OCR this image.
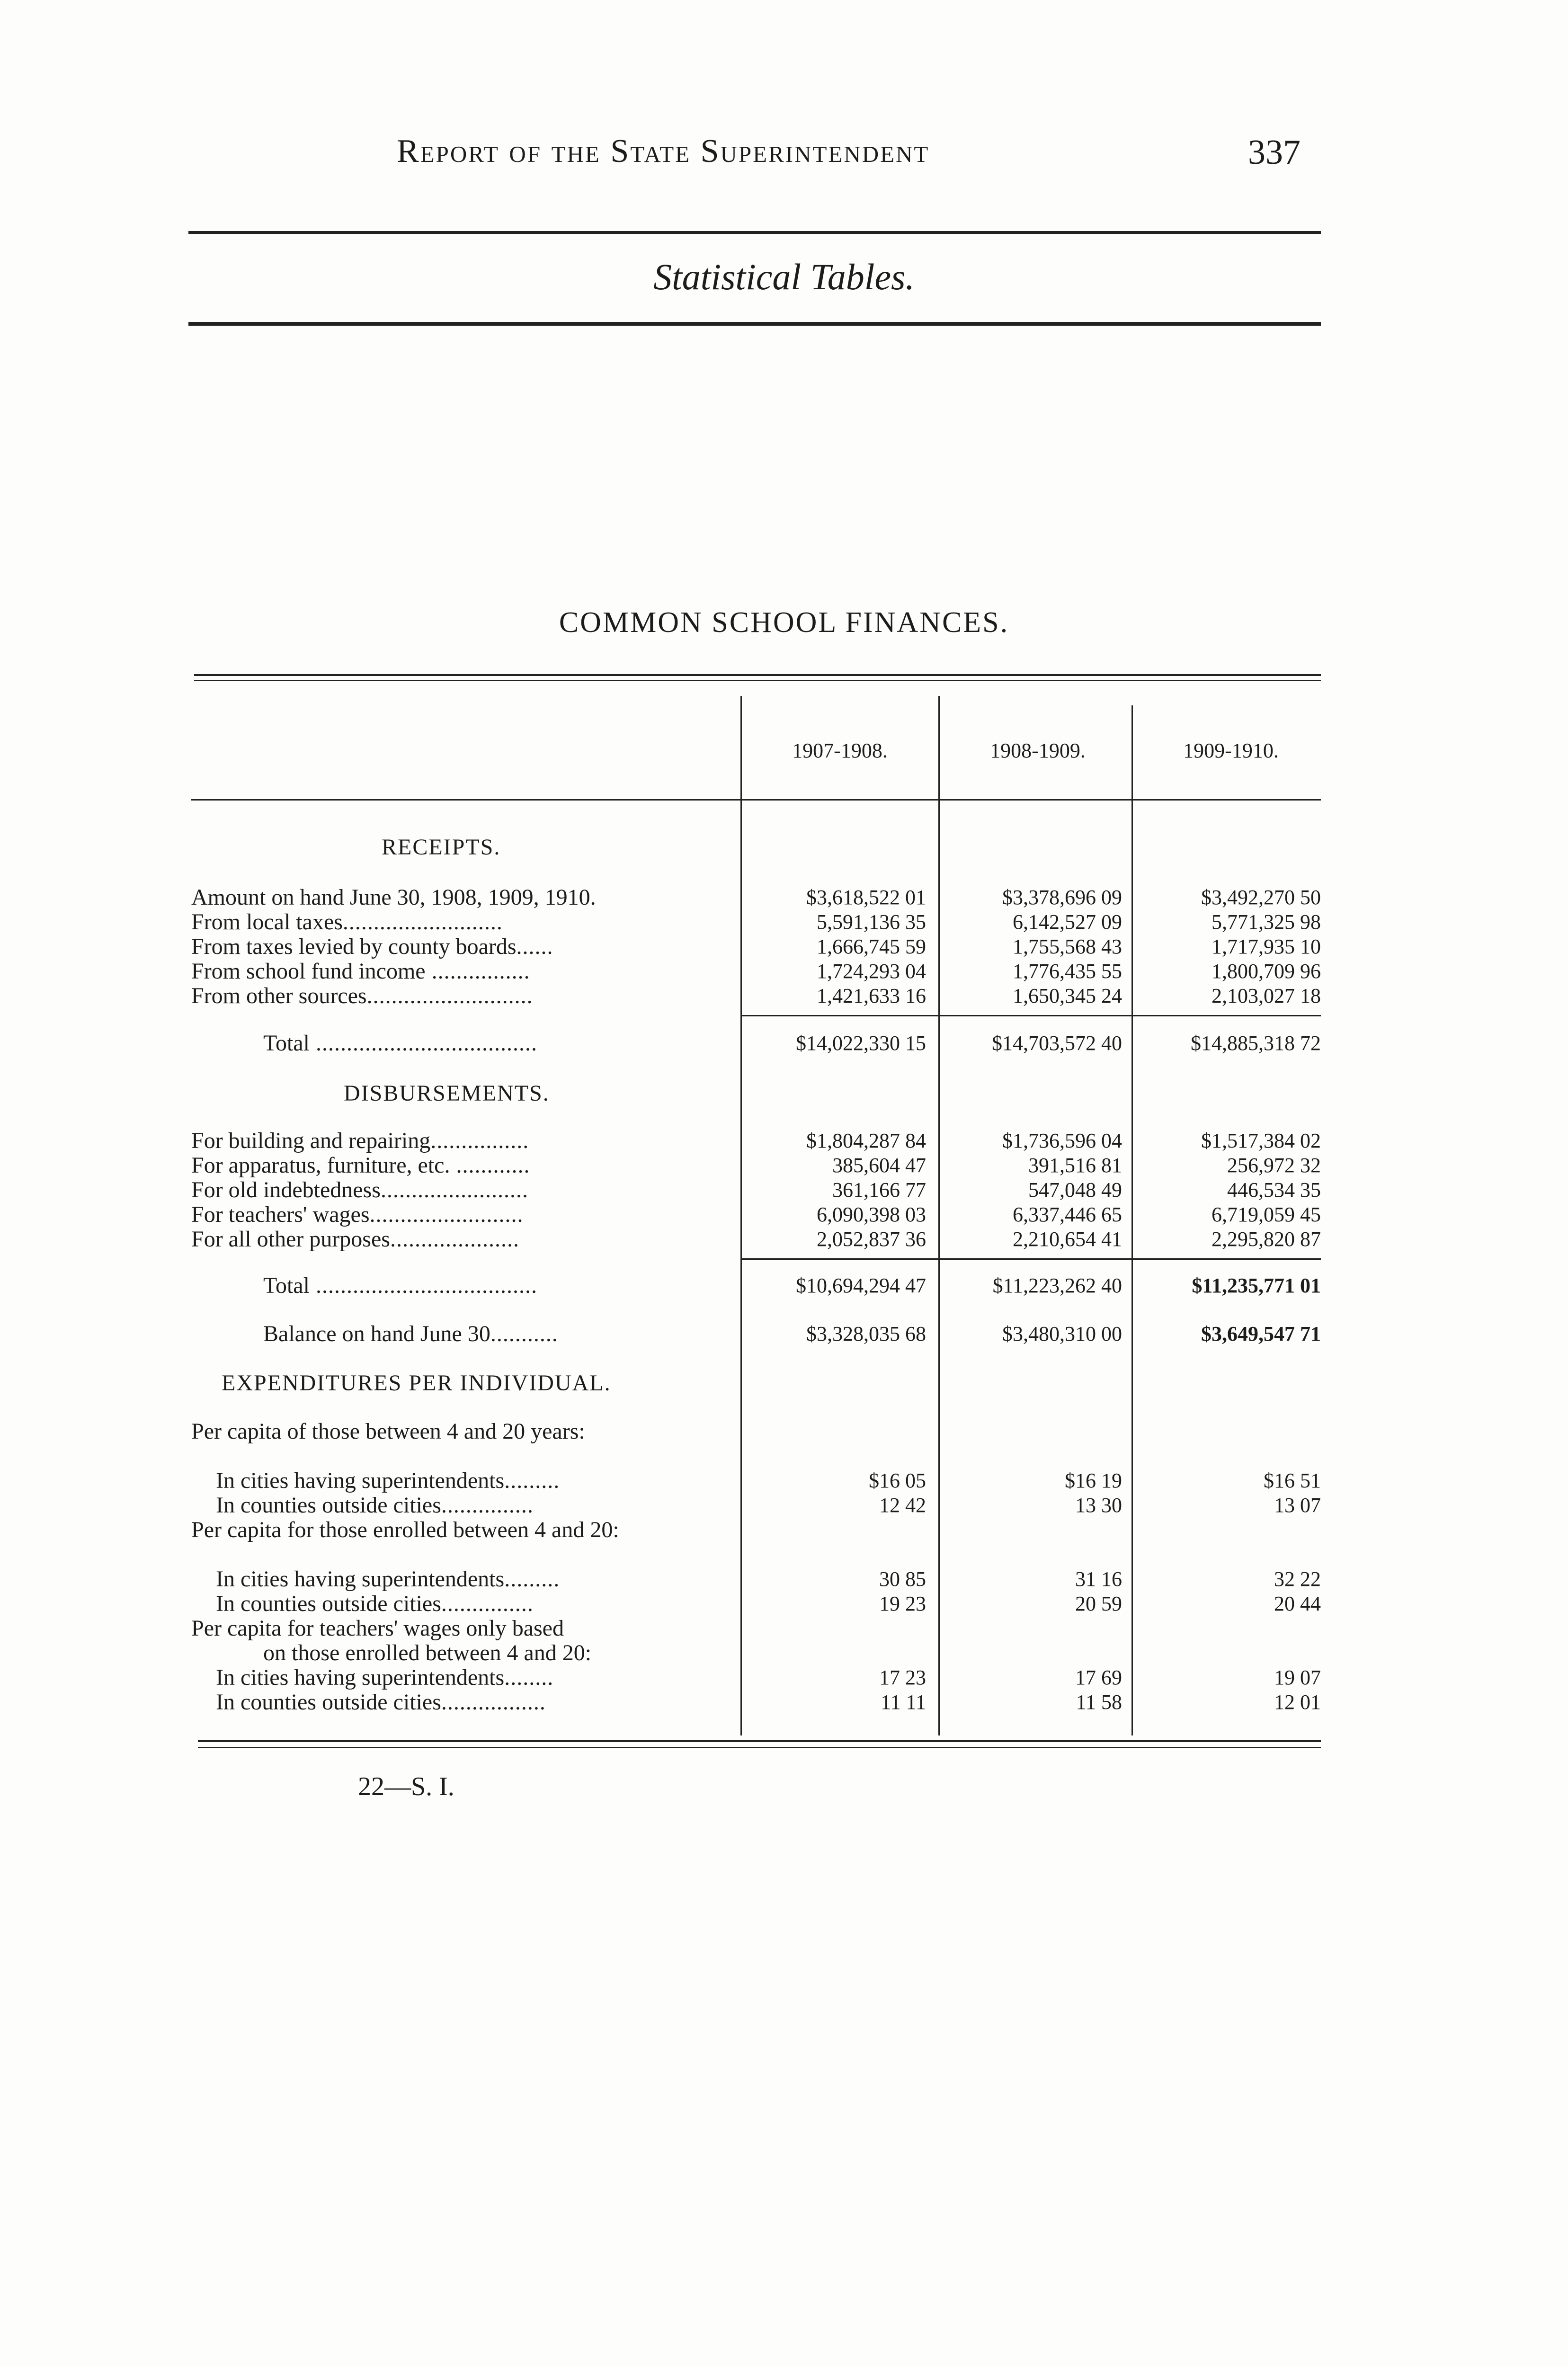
Report of the State Superintendent	337
Statistical Tables.
COMMON SCHOOL FINANCES.
1907-1908.	1908-1909.	1909-1910.
RECEIPTS.
Amount on hand June 30, 1908, 1909, 1910.	$3,618,522 01	$3,378,696 09	$3,492,270 50
From local taxes..........................	5,591,136 35	6,142,527 09	5,771,325 98
From taxes levied by county boards......	1,666,745 59	1,755,568 43	1,717,935 10
From school fund income ................	1,724,293 04	1,776,435 55	1,800,709 96
From other sources...........................	1,421,633 16	1,650,345 24	2,103,027 18
Total ....................................	$14,022,330 15	$14,703,572 40	$14,885,318 72
DISBURSEMENTS.
For building and repairing................	$1,804,287 84	$1,736,596 04	$1,517,384 02
For apparatus, furniture, etc. ............	385,604 47	391,516 81	256,972 32
For old indebtedness........................	361,166 77	547,048 49	446,534 35
For teachers' wages.........................	6,090,398 03	6,337,446 65	6,719,059 45
For all other purposes.....................	2,052,837 36	2,210,654 41	2,295,820 87
Total ....................................	$10,694,294 47	$11,223,262 40	$11,235,771 01
Balance on hand June 30...........	$3,328,035 68	$3,480,310 00	$3,649,547 71
EXPENDITURES PER INDIVIDUAL.
Per capita of those between 4 and 20 years:
In cities having superintendents.........	$16 05	$16 19	$16 51
In counties outside cities...............	12 42	13 30	13 07
Per capita for those enrolled between 4 and 20:
In cities having superintendents.........	30 85	31 16	32 22
In counties outside cities...............	19 23	20 59	20 44
Per capita for teachers' wages only based
on those enrolled between 4 and 20:
In cities having superintendents........	17 23	17 69	19 07
In counties outside cities.................	11 11	11 58	12 01
22—S. I.
